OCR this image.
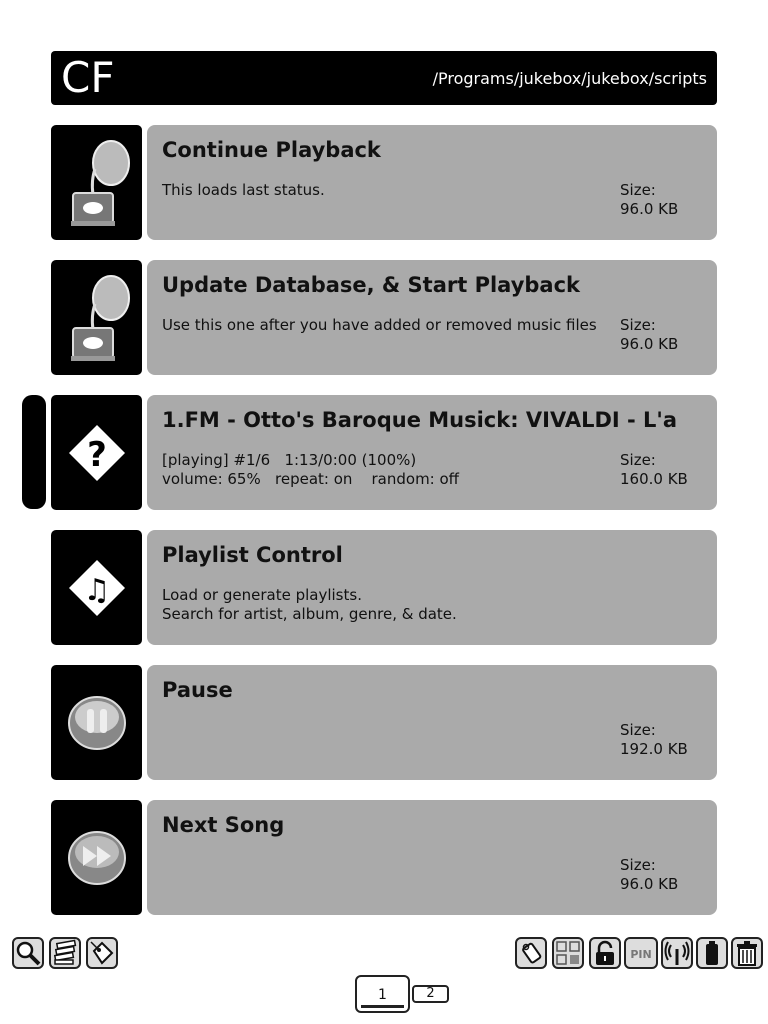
CF	/Programs/jukebox/jukebox/scripts
Continue Playback
This loads last status.	Size:
96.0 KB
Update Database, & Start Playback
Use this one after you have added or removed music files Size:
96.0 KB
?
1.FM - Otto's Baroque Musick: VIVALDI - L'a
[playing] #1/6   1:13/0:00 (100%)
volume: 65%   repeat: on    random: off
Size:
160.0 KB
♫
Playlist Control
Load or generate playlists.
Search for artist, album, genre, & date.
Pause
Size:
192.0 KB
Next Song
Size:
96.0 KB
PIN
1	2
